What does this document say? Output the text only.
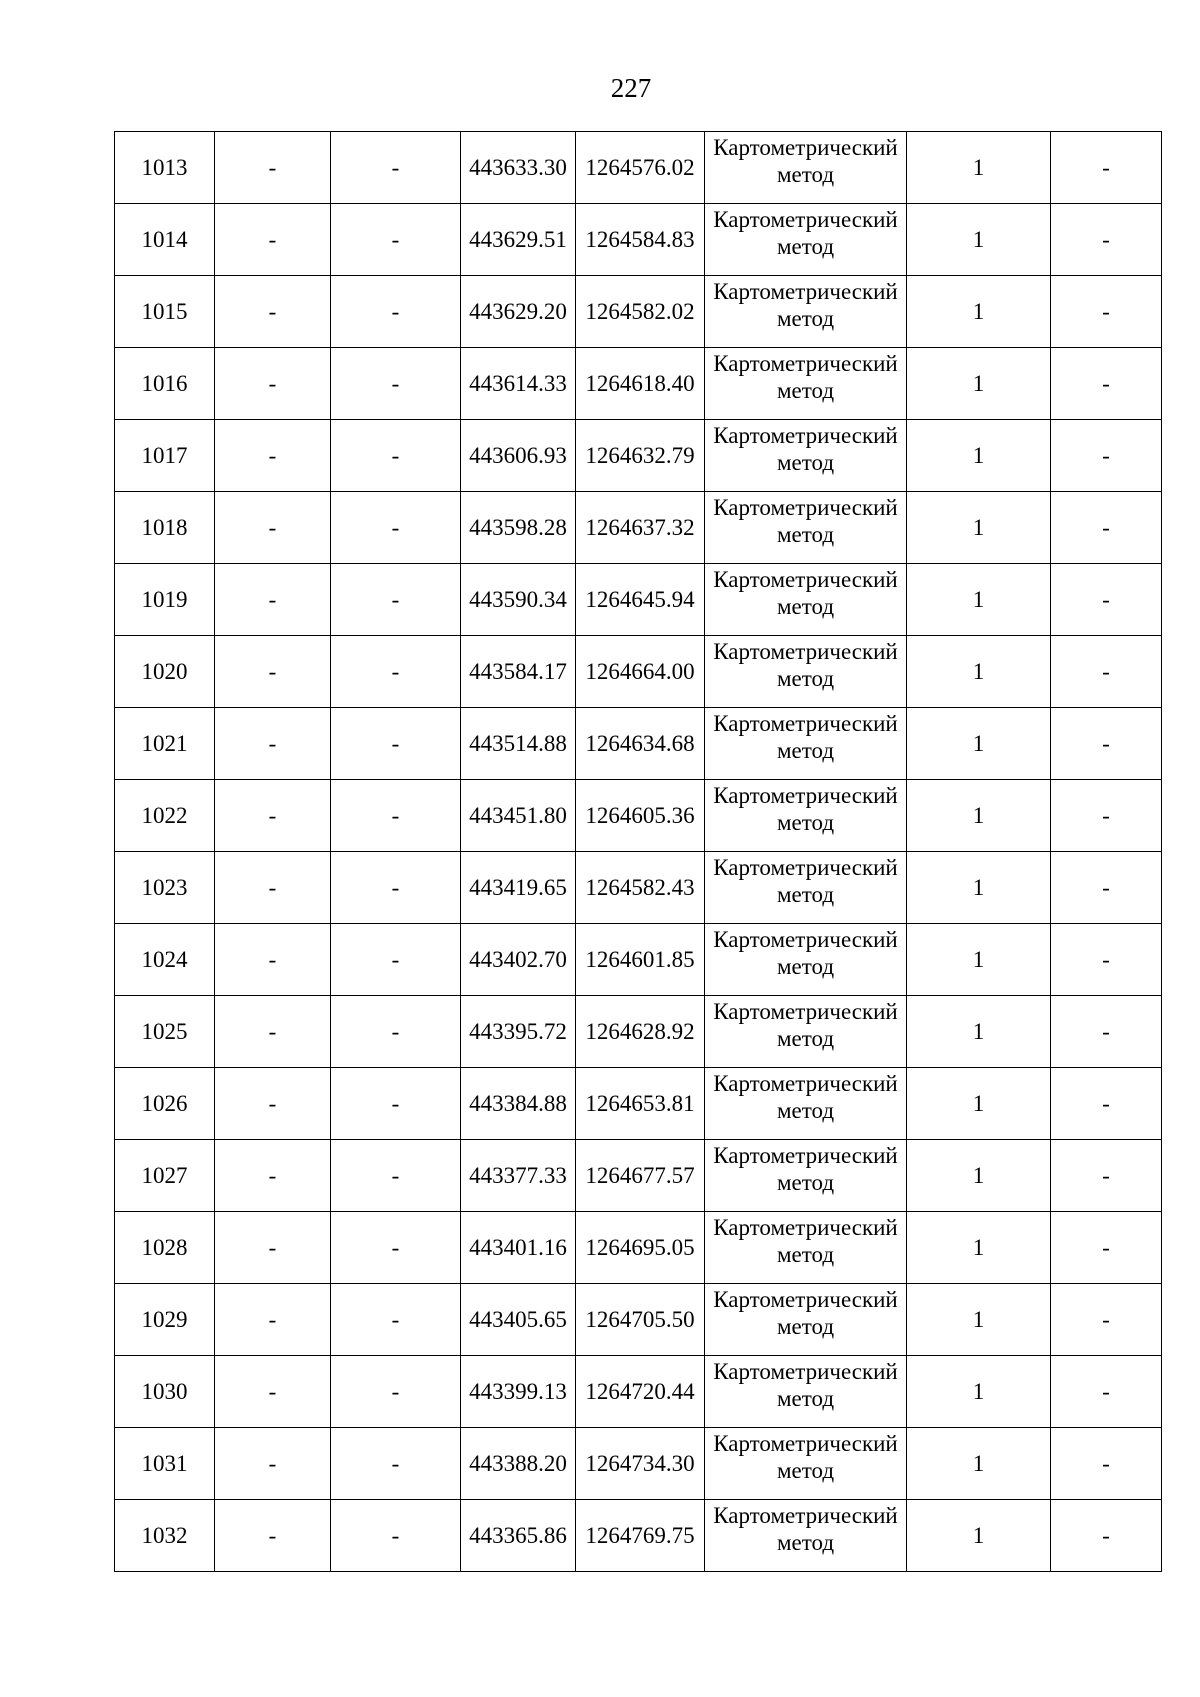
227
1013	-	-	443633.30	1264576.02	Картометрический
метод	1	-
1014	-	-	443629.51	1264584.83	Картометрический
метод	1	-
1015	-	-	443629.20	1264582.02	Картометрический
метод	1	-
1016	-	-	443614.33	1264618.40	Картометрический
метод	1	-
1017	-	-	443606.93	1264632.79	Картометрический
метод	1	-
1018	-	-	443598.28	1264637.32	Картометрический
метод	1	-
1019	-	-	443590.34	1264645.94	Картометрический
метод	1	-
1020	-	-	443584.17	1264664.00	Картометрический
метод	1	-
1021	-	-	443514.88	1264634.68	Картометрический
метод	1	-
1022	-	-	443451.80	1264605.36	Картометрический
метод	1	-
1023	-	-	443419.65	1264582.43	Картометрический
метод	1	-
1024	-	-	443402.70	1264601.85	Картометрический
метод	1	-
1025	-	-	443395.72	1264628.92	Картометрический
метод	1	-
1026	-	-	443384.88	1264653.81	Картометрический
метод	1	-
1027	-	-	443377.33	1264677.57	Картометрический
метод	1	-
1028	-	-	443401.16	1264695.05	Картометрический
метод	1	-
1029	-	-	443405.65	1264705.50	Картометрический
метод	1	-
1030	-	-	443399.13	1264720.44	Картометрический
метод	1	-
1031	-	-	443388.20	1264734.30	Картометрический
метод	1	-
1032	-	-	443365.86	1264769.75	Картометрический
метод	1	-
